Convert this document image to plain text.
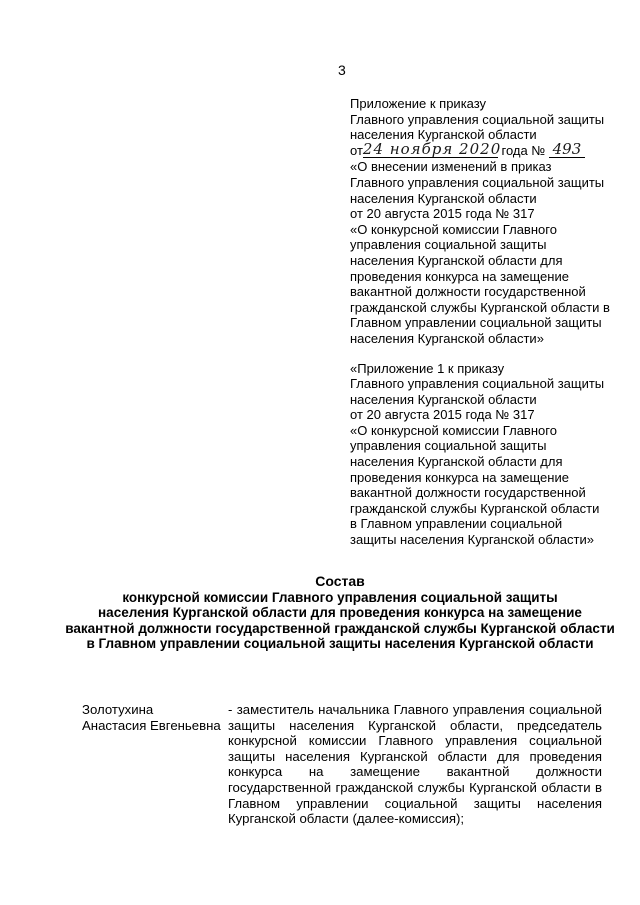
3
Приложение к приказу
Главного управления социальной защиты
населения Курганской области
от24 ноября 2020 года № 493
«О внесении изменений в приказ
Главного управления социальной защиты
населения Курганской области
от 20 августа 2015 года № 317
«О конкурсной комиссии Главного
управления социальной защиты
населения Курганской области для
проведения конкурса на замещение
вакантной должности государственной
гражданской службы Курганской области в
Главном управлении социальной защиты
населения Курганской области»
«Приложение 1 к приказу
Главного управления социальной защиты
населения Курганской области
от 20 августа 2015 года № 317
«О конкурсной комиссии Главного
управления социальной защиты
населения Курганской области для
проведения конкурса на замещение
вакантной должности государственной
гражданской службы Курганской области
в Главном управлении социальной
защиты населения Курганской области»
Состав
конкурсной комиссии Главного управления социальной защиты
населения Курганской области для проведения конкурса на замещение
вакантной должности государственной гражданской службы Курганской области
в Главном управлении социальной защиты населения Курганской области
Золотухина
Анастасия Евгеньевна
- заместитель начальника Главного управления социальной защиты населения Курганской области, председатель конкурсной комиссии Главного управления социальной защиты населения Курганской области для проведения конкурса на замещение вакантной должности государственной гражданской службы Курганской области в Главном управлении социальной защиты населения Курганской области (далее-комиссия);
